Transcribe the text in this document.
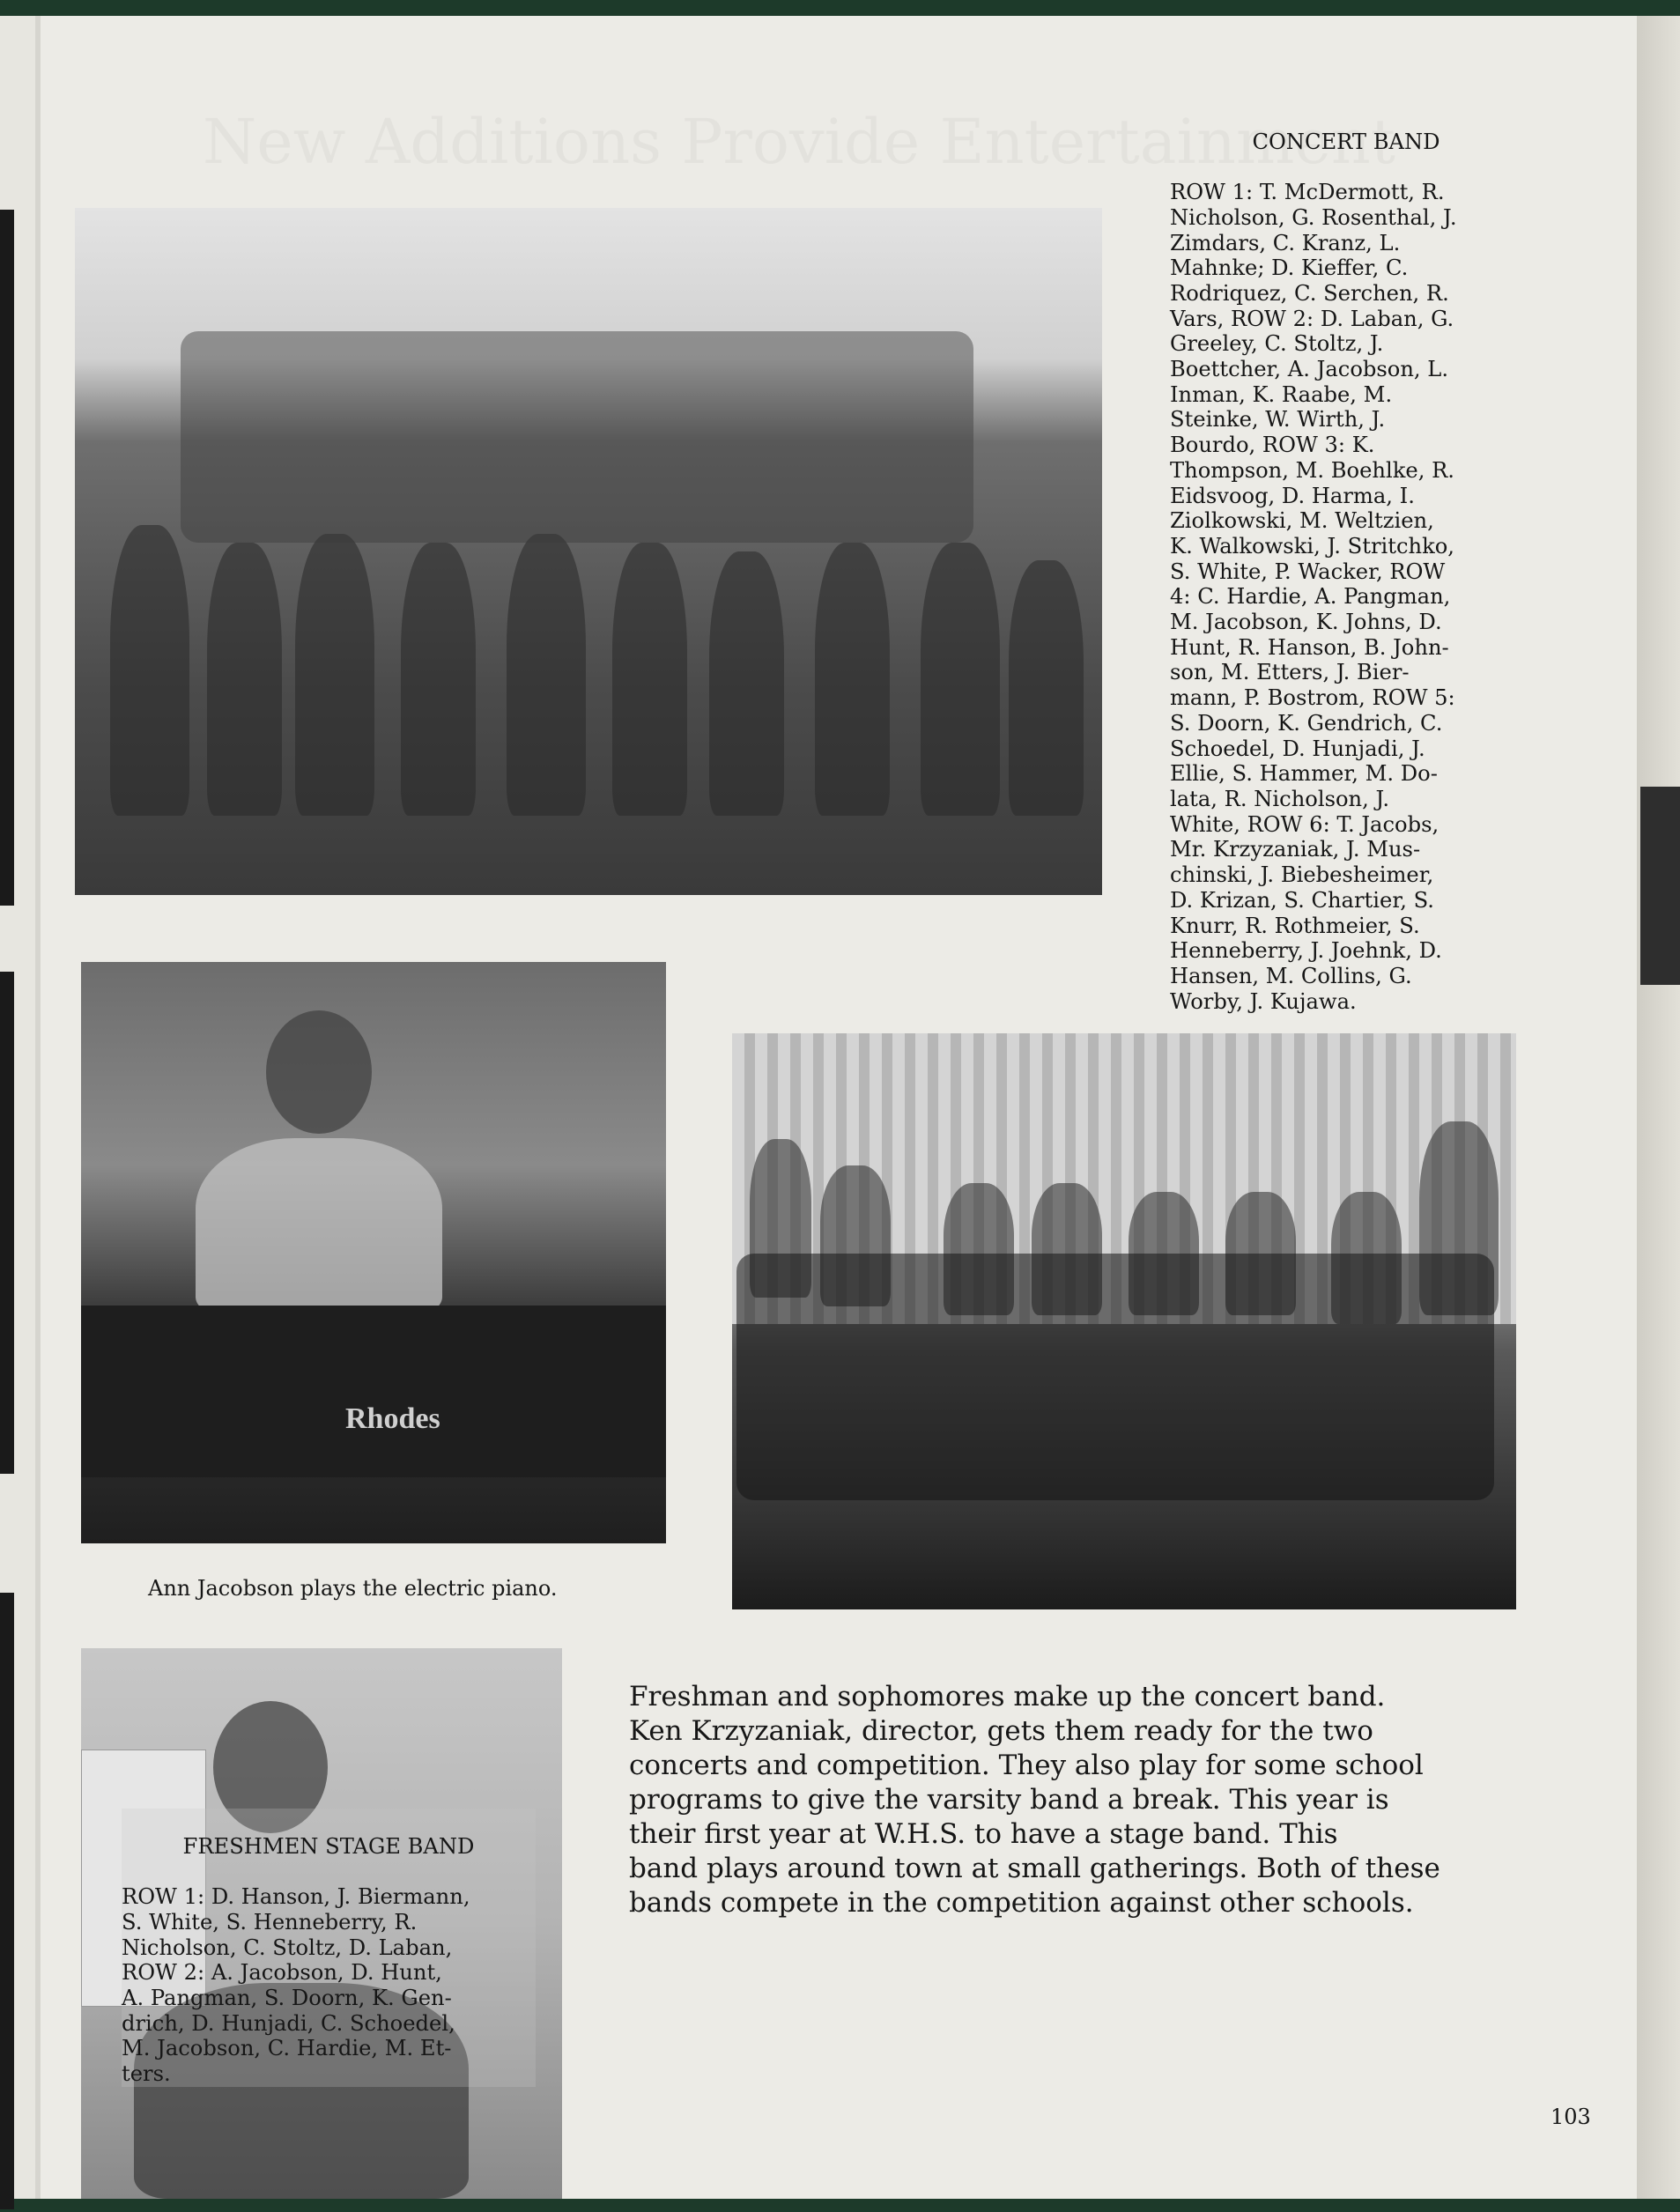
Rhodes
Ann Jacobson plays the electric piano.

FRESHMEN STAGE BAND

ROW 1: D. Hanson, J. Biermann,
S. White, S. Henneberry, R.
Nicholson, C. Stoltz, D. Laban,
ROW 2: A. Jacobson, D. Hunt,
A. Pangman, S. Doorn, K. Gen-
drich, D. Hunjadi, C. Schoedel,
M. Jacobson, C. Hardie, M. Et-
ters.

CONCERT BAND

ROW 1: T. McDermott, R.
Nicholson, G. Rosenthal, J.
Zimdars, C. Kranz, L.
Mahnke; D. Kieffer, C.
Rodriquez, C. Serchen, R.
Vars, ROW 2: D. Laban, G.
Greeley, C. Stoltz, J.
Boettcher, A. Jacobson, L.
Inman, K. Raabe, M.
Steinke, W. Wirth, J.
Bourdo, ROW 3: K.
Thompson, M. Boehlke, R.
Eidsvoog, D. Harma, I.
Ziolkowski, M. Weltzien,
K. Walkowski, J. Stritchko,
S. White, P. Wacker, ROW
4: C. Hardie, A. Pangman,
M. Jacobson, K. Johns, D.
Hunt, R. Hanson, B. John-
son, M. Etters, J. Bier-
mann, P. Bostrom, ROW 5:
S. Doorn, K. Gendrich, C.
Schoedel, D. Hunjadi, J.
Ellie, S. Hammer, M. Do-
lata, R. Nicholson, J.
White, ROW 6: T. Jacobs,
Mr. Krzyzaniak, J. Mus-
chinski, J. Biebesheimer,
D. Krizan, S. Chartier, S.
Knurr, R. Rothmeier, S.
Henneberry, J. Joehnk, D.
Hansen, M. Collins, G.
Worby, J. Kujawa.

Freshman and sophomores make up the concert band.
Ken Krzyzaniak, director, gets them ready for the two
concerts and competition. They also play for some school
programs to give the varsity band a break. This year is
their first year at W.H.S. to have a stage band. This
band plays around town at small gatherings. Both of these
bands compete in the competition against other schools.
103
